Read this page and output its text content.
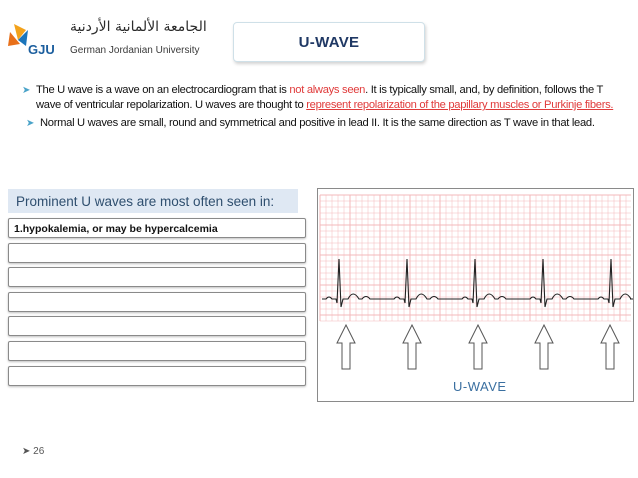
GJU
الجامعة الألمانية الأردنية
German Jordanian University	U-WAVE
➤ The U wave is a wave on an electrocardiogram that is not always seen. It is typically small, and, by definition, follows the T wave of ventricular repolarization. U waves are thought to represent repolarization of the papillary muscles or Purkinje fibers.
➤ Normal U waves are small, round and symmetrical and positive in lead II. It is the same direction as T wave in that lead.
Prominent U waves are most often seen in:
1.hypokalemia, or may be hypercalcemia
U-WAVE
➤ 26
